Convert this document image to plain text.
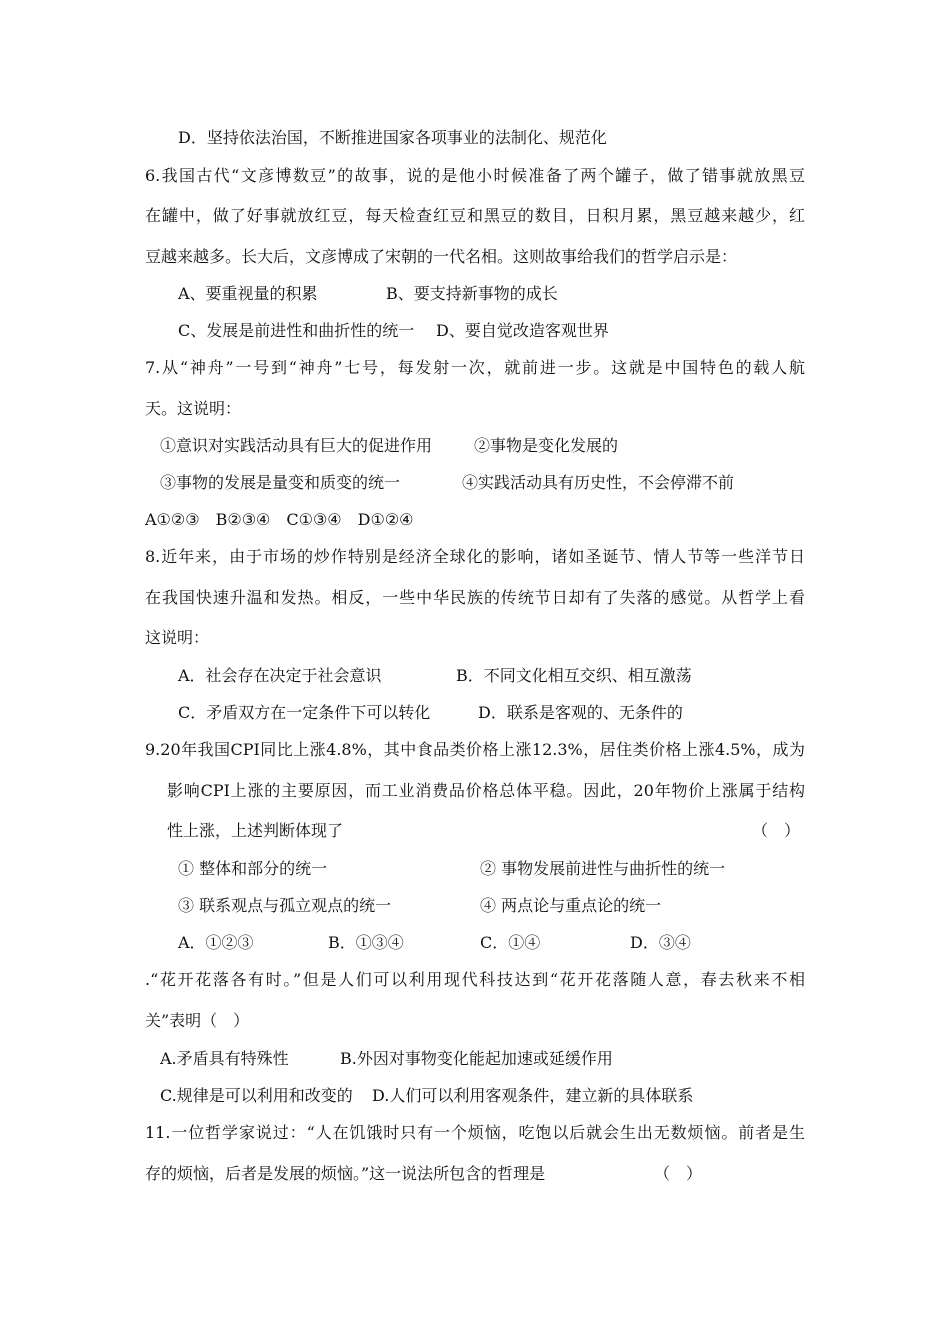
D．坚持依法治国，不断推进国家各项事业的法制化、规范化
6.我国古代“文彦博数豆”的故事，说的是他小时候准备了两个罐子，做了错事就放黑豆
在罐中，做了好事就放红豆，每天检查红豆和黑豆的数目，日积月累，黑豆越来越少，红
豆越来越多。长大后，文彦博成了宋朝的一代名相。这则故事给我们的哲学启示是：
A、要重视量的积累	B、要支持新事物的成长
C、发展是前进性和曲折性的统一 D、要自觉改造客观世界
7.从“神舟”一号到“神舟”七号，每发射一次，就前进一步。这就是中国特色的载人航
天。这说明：
①意识对实践活动具有巨大的促进作用	②事物是变化发展的
③事物的发展是量变和质变的统一	④实践活动具有历史性，不会停滞不前
A①②③　B②③④　C①③④　D①②④
8.近年来，由于市场的炒作特别是经济全球化的影响，诸如圣诞节、情人节等一些洋节日
在我国快速升温和发热。相反，一些中华民族的传统节日却有了失落的感觉。从哲学上看
这说明：
A．社会存在决定于社会意识	B．不同文化相互交织、相互激荡
C．矛盾双方在一定条件下可以转化	D．联系是客观的、无条件的
9.20年我国CPI同比上涨4.8%，其中食品类价格上涨12.3%，居住类价格上涨4.5%，成为
影响CPI上涨的主要原因，而工业消费品价格总体平稳。因此，20年物价上涨属于结构
性上涨，上述判断体现了	（　）
① 整体和部分的统一	② 事物发展前进性与曲折性的统一
③ 联系观点与孤立观点的统一	④ 两点论与重点论的统一
A．①②③	B．①③④	C．①④	D．③④
.“花开花落各有时。”但是人们可以利用现代科技达到“花开花落随人意，春去秋来不相
关”表明（　）
A.矛盾具有特殊性	B.外因对事物变化能起加速或延缓作用
C.规律是可以利用和改变的 D.人们可以利用客观条件，建立新的具体联系
11.一位哲学家说过：“人在饥饿时只有一个烦恼，吃饱以后就会生出无数烦恼。前者是生
存的烦恼，后者是发展的烦恼。”这一说法所包含的哲理是	（　）
